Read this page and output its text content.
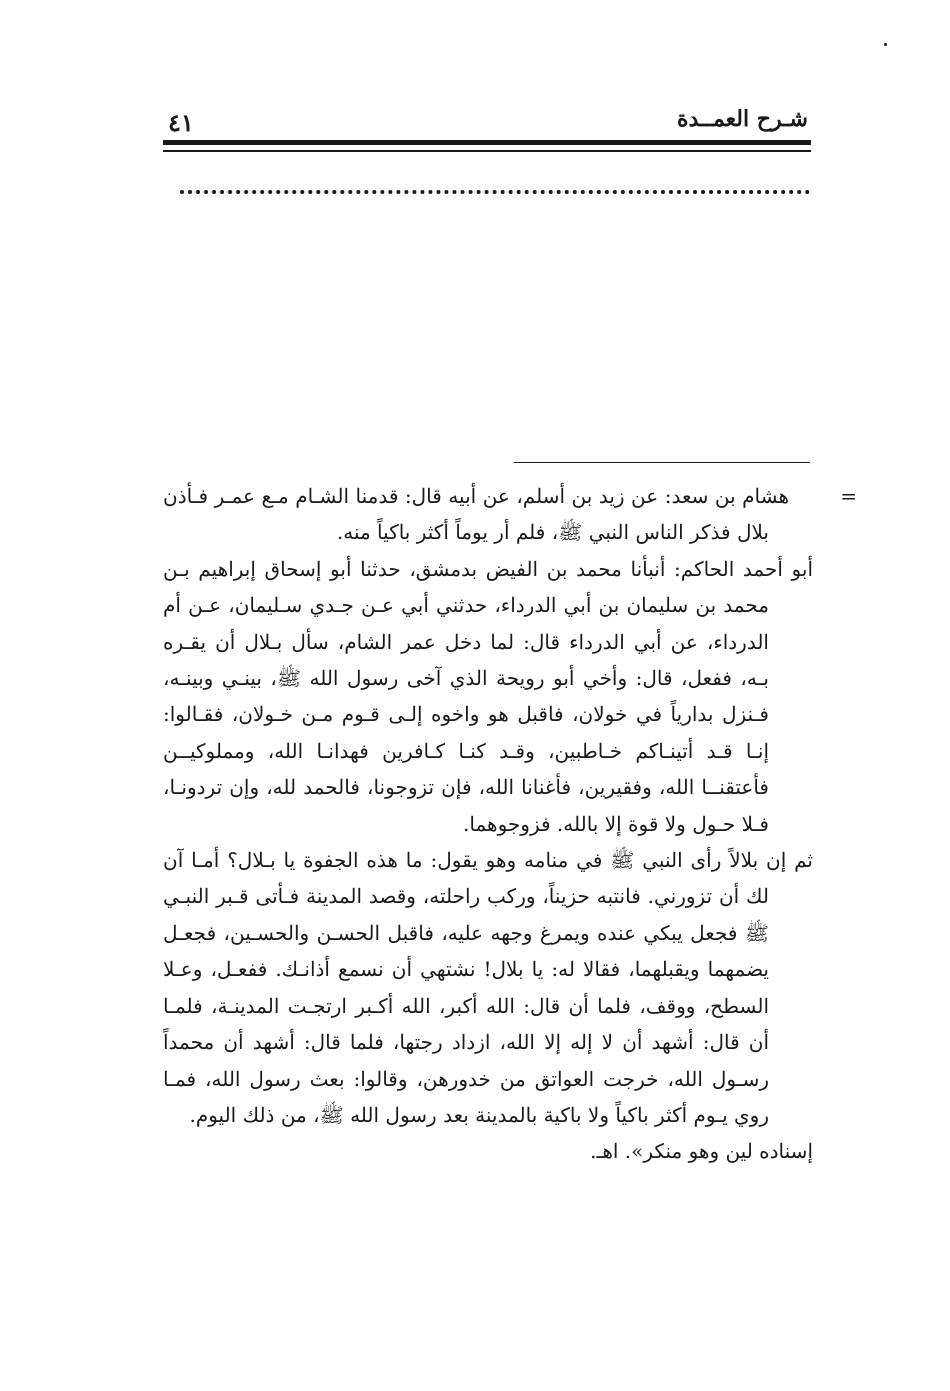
٤١	شـرح العمــدة

=هشام بن سعد: عن زيد بن أسلم، عن أبيه قال: قدمنا الشـام مـع عمـر فـأذن بلال فذكر الناس النبي ﷺ، فلم أر يوماً أكثر باكياً منه.

أبو أحمد الحاكم: أنبأنا محمد بن الفيض بدمشق، حدثنا أبو إسحاق إبراهيم بـن محمد بن سليمان بن أبي الدرداء، حدثني أبي عـن جـدي سـليمان، عـن أم الدرداء، عن أبي الدرداء قال: لما دخل عمر الشام، سأل بـلال أن يقـره بـه، ففعل، قال: وأخي أبو رويحة الذي آخى رسول الله ﷺ، بينـي وبينـه، فـنزل بدارياً في خولان، فاقبل هو واخوه إلـى قـوم مـن خـولان، فقـالوا: إنـا قـد أتينـاكم خـاطبين، وقـد كنـا كـافرين فهدانـا الله، ومملوكيــن فأعتقنــا الله، وفقيرين، فأغنانا الله، فإن تزوجونا، فالحمد لله، وإن تردونـا، فـلا حـول ولا قوة إلا بالله. فزوجوهما.

ثم إن بلالاً رأى النبي ﷺ في منامه وهو يقول: ما هذه الجفوة يا بـلال؟ أمـا آن لك أن تزورني. فانتبه حزيناً، وركب راحلته، وقصد المدينة فـأتى قـبر النبـي ﷺ فجعل يبكي عنده ويمرغ وجهه عليه، فاقبل الحسـن والحسـين، فجعـل يضمهما ويقبلهما، فقالا له: يا بلال! نشتهي أن نسمع أذانـك. ففعـل، وعـلا السطح، ووقف، فلما أن قال: الله أكبر، الله أكـبر ارتجـت المدينـة، فلمـا أن قال: أشهد أن لا إله إلا الله، ازداد رجتها، فلما قال: أشهد أن محمداً رسـول الله، خرجت العواتق من خدورهن، وقالوا: بعث رسول الله، فمـا روي يـوم أكثر باكياً ولا باكية بالمدينة بعد رسول الله ﷺ، من ذلك اليوم.

إسناده لين وهو منكر». اهـ.
